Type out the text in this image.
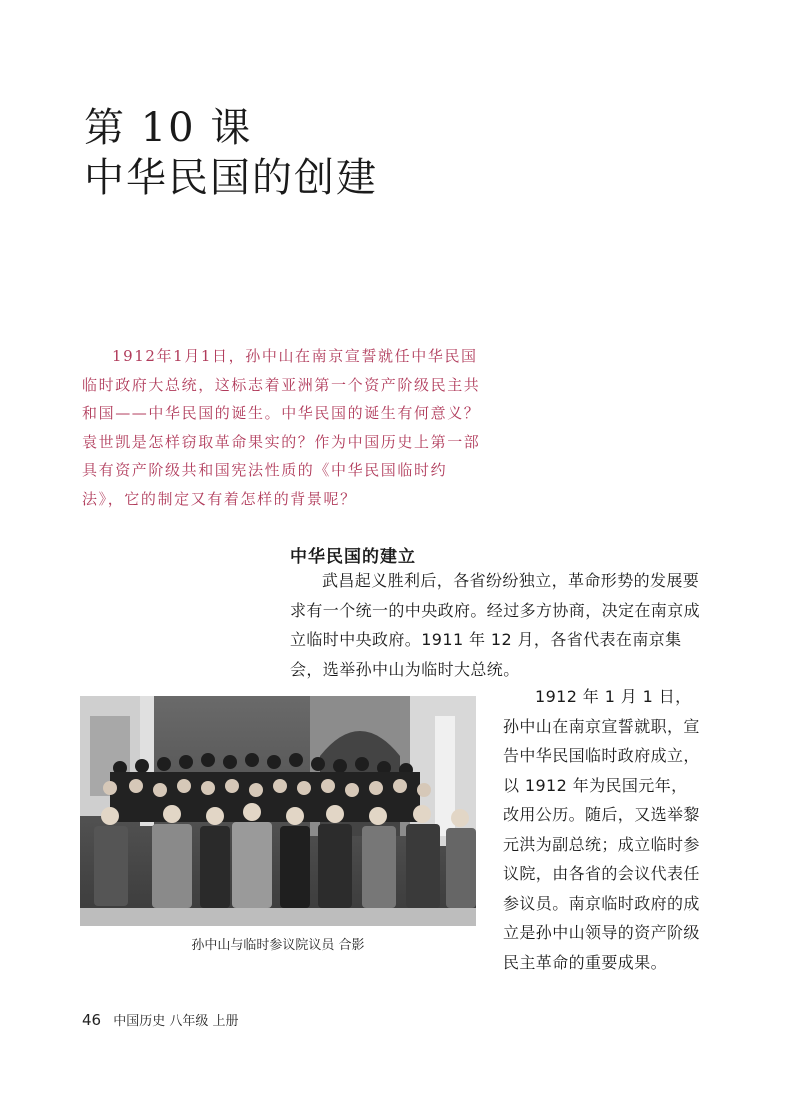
第 10 课
中华民国的创建

1912年1月1日，孙中山在南京宣誓就任中华民国临时政府大总统，这标志着亚洲第一个资产阶级民主共和国——中华民国的诞生。中华民国的诞生有何意义？袁世凯是怎样窃取革命果实的？作为中国历史上第一部具有资产阶级共和国宪法性质的《中华民国临时约法》，它的制定又有着怎样的背景呢？

中华民国的建立

武昌起义胜利后，各省纷纷独立，革命形势的发展要求有一个统一的中央政府。经过多方协商，决定在南京成立临时中央政府。1911 年 12 月，各省代表在南京集会，选举孙中山为临时大总统。

孙中山与临时参议院议员 合影

1912 年 1 月 1 日，孙中山在南京宣誓就职，宣告中华民国临时政府成立，以 1912 年为民国元年，改用公历。随后，又选举黎元洪为副总统；成立临时参议院，由各省的会议代表任参议员。南京临时政府的成立是孙中山领导的资产阶级民主革命的重要成果。

46 中国历史 八年级 上册
